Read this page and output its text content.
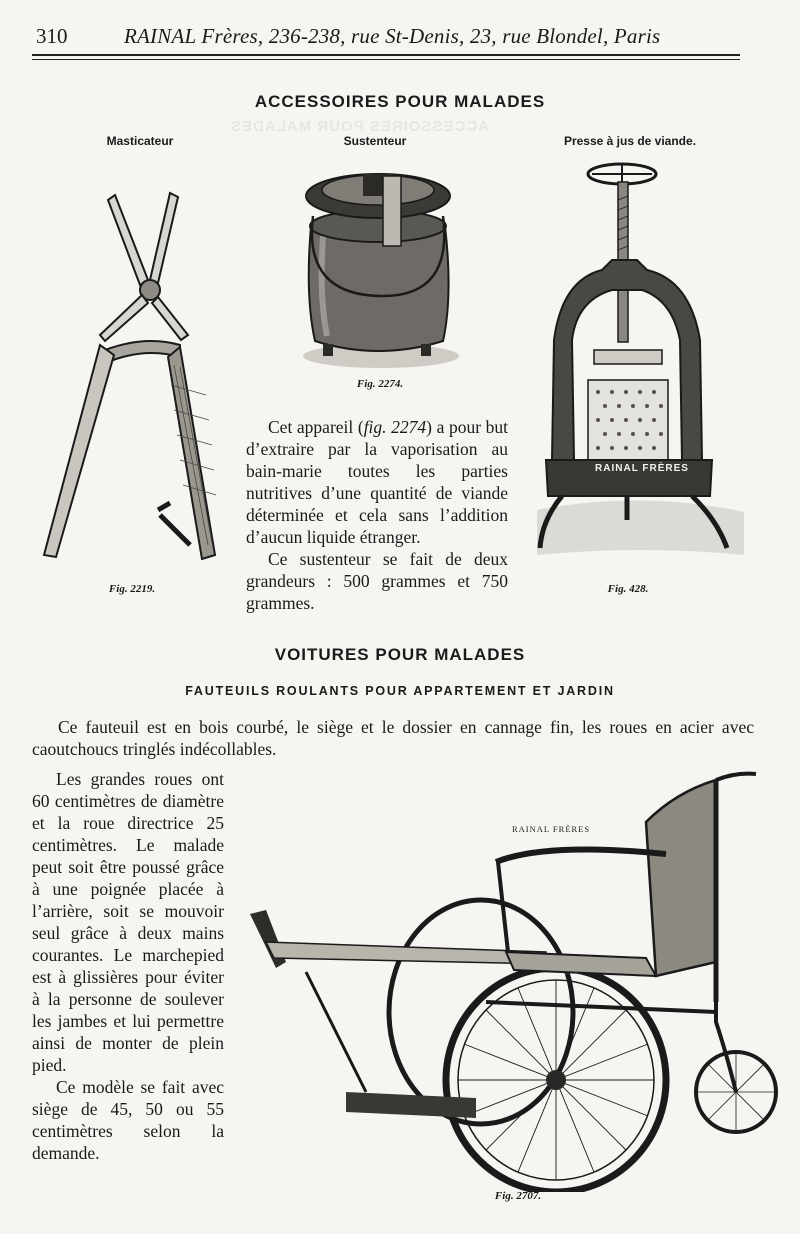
ACCESSOIRES POUR MALADES
310	RAINAL Frères, 236-238, rue St-Denis, 23, rue Blondel, Paris
ACCESSOIRES POUR MALADES
Masticateur	Sustenteur	Presse à jus de viande.
Fig. 2219.
Fig. 2274.
RAINAL FRÈRES
Fig. 428.

Cet appareil (fig. 2274) a pour but d’extraire par la vaporisation au bain-marie toutes les parties nutritives d’une quantité de viande déterminée et cela sans l’addition d’aucun liquide étranger.

Ce sustenteur se fait de deux grandeurs : 500 grammes et 750 grammes.

VOITURES POUR MALADES
FAUTEUILS ROULANTS POUR APPARTEMENT ET JARDIN
Ce fauteuil est en bois courbé, le siège et le dossier en cannage fin, les roues en acier avec caoutchoucs tringlés indécollables.

Les grandes roues ont 60 centimètres de diamètre et la roue directrice 25 centimètres. Le malade peut soit être poussé grâce à une poignée placée à l’arrière, soit se mouvoir seul grâce à deux mains courantes. Le marchepied est à glissières pour éviter à la personne de soulever les jambes et lui permettre ainsi de monter de plein pied.

Ce modèle se fait avec siège de 45, 50 ou 55 centimètres selon la demande.

RAINAL FRÈRES
Fig. 2707.
